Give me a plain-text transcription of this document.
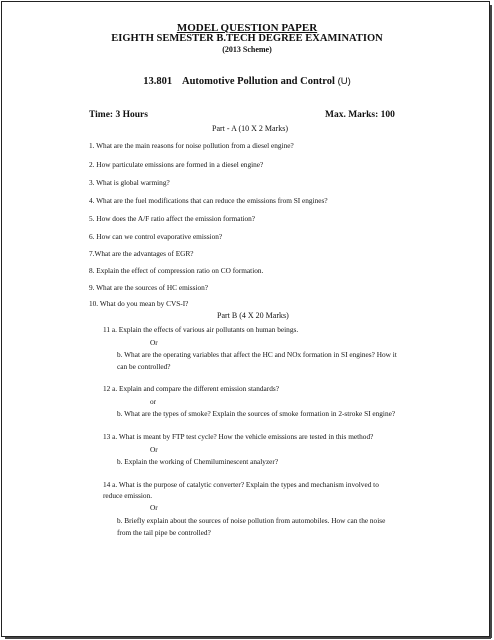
MODEL QUESTION PAPER
EIGHTH SEMESTER B.TECH DEGREE EXAMINATION
(2013 Scheme)
13.801 Automotive Pollution and Control (U)
Time: 3 Hours	Max. Marks: 100
Part - A (10 X 2 Marks)
1. What are the main reasons for noise pollution from a diesel engine?
2. How particulate emissions are formed in a diesel engine?
3. What is global warming?
4. What are the fuel modifications that can reduce the emissions from SI engines?
5. How does the A/F ratio affect the emission formation?
6. How can we control evaporative emission?
7.What are the advantages of EGR?
8. Explain the effect of compression ratio on CO formation.
9. What are the sources of HC emission?
10. What do you mean by CVS-I?
Part B (4 X 20 Marks)
11 a. Explain the effects of various air pollutants on human beings.
Or
b. What are the operating variables that affect the HC and NOx formation in SI engines? How it
can be controlled?
12 a. Explain and compare the different emission standards?
or
b. What are the types of smoke? Explain the sources of smoke formation in 2-stroke SI engine?
13 a. What is meant by FTP test cycle? How the vehicle emissions are tested in this method?
Or
b. Explain the working of Chemiluminescent analyzer?
14 a. What is the purpose of catalytic converter? Explain the types and mechanism involved to
reduce emission.
Or
b. Briefly explain about the sources of noise pollution from automobiles. How can the noise
from the tail pipe be controlled?
